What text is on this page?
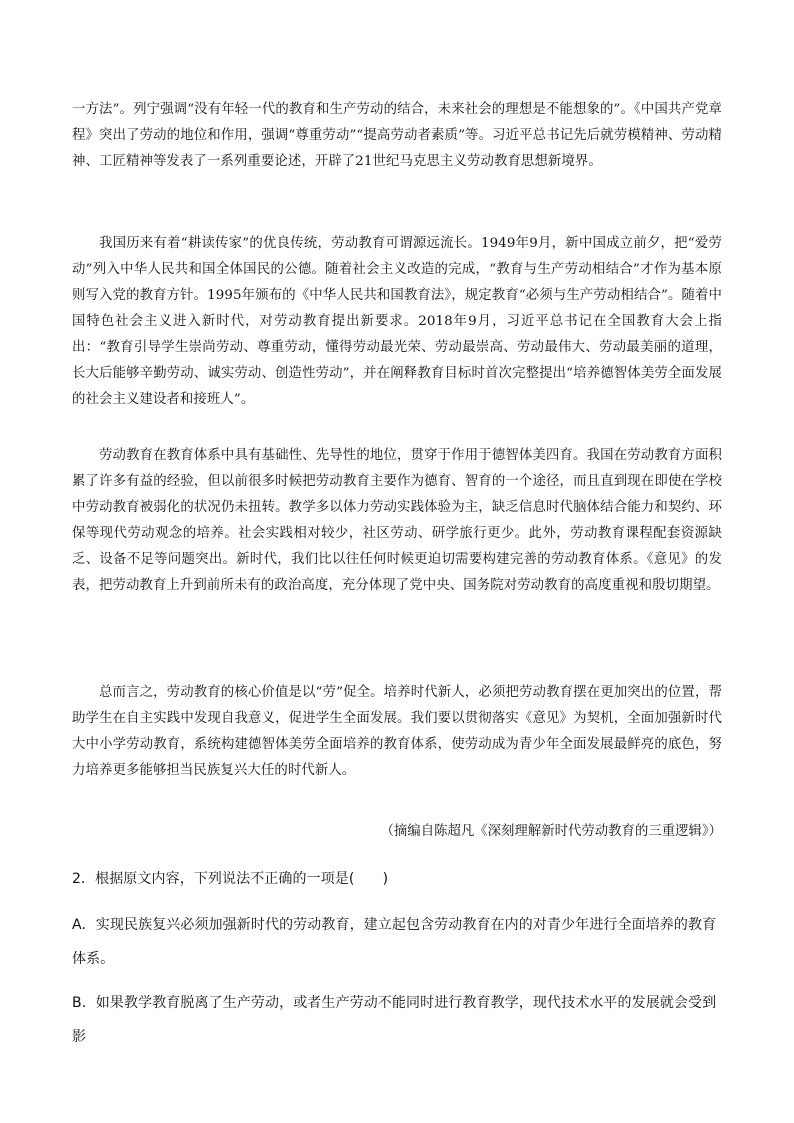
一方法”。列宁强调“没有年轻一代的教育和生产劳动的结合，未来社会的理想是不能想象的”。《中国共产党章程》突出了劳动的地位和作用，强调“尊重劳动”“提高劳动者素质”等。习近平总书记先后就劳模精神、劳动精神、工匠精神等发表了一系列重要论述，开辟了21世纪马克思主义劳动教育思想新境界。

我国历来有着“耕读传家”的优良传统，劳动教育可谓源远流长。1949年9月，新中国成立前夕，把“爱劳动”列入中华人民共和国全体国民的公德。随着社会主义改造的完成，“教育与生产劳动相结合”才作为基本原则写入党的教育方针。1995年颁布的《中华人民共和国教育法》，规定教育“必须与生产劳动相结合”。随着中国特色社会主义进入新时代，对劳动教育提出新要求。2018年9月，习近平总书记在全国教育大会上指出：“教育引导学生崇尚劳动、尊重劳动，懂得劳动最光荣、劳动最崇高、劳动最伟大、劳动最美丽的道理，长大后能够辛勤劳动、诚实劳动、创造性劳动”，并在阐释教育目标时首次完整提出“培养德智体美劳全面发展的社会主义建设者和接班人”。

劳动教育在教育体系中具有基础性、先导性的地位，贯穿于作用于德智体美四育。我国在劳动教育方面积累了许多有益的经验，但以前很多时候把劳动教育主要作为德育、智育的一个途径，而且直到现在即使在学校中劳动教育被弱化的状况仍未扭转。教学多以体力劳动实践体验为主，缺乏信息时代脑体结合能力和契约、环保等现代劳动观念的培养。社会实践相对较少，社区劳动、研学旅行更少。此外，劳动教育课程配套资源缺乏、设备不足等问题突出。新时代，我们比以往任何时候更迫切需要构建完善的劳动教育体系。《意见》的发表，把劳动教育上升到前所未有的政治高度，充分体现了党中央、国务院对劳动教育的高度重视和殷切期望。

总而言之，劳动教育的核心价值是以“劳”促全。培养时代新人，必须把劳动教育摆在更加突出的位置，帮助学生在自主实践中发现自我意义，促进学生全面发展。我们要以贯彻落实《意见》为契机，全面加强新时代大中小学劳动教育，系统构建德智体美劳全面培养的教育体系，使劳动成为青少年全面发展最鲜亮的底色，努力培养更多能够担当民族复兴大任的时代新人。

（摘编自陈超凡《深刻理解新时代劳动教育的三重逻辑》）

2．根据原文内容，下列说法不正确的一项是(　　)

A．实现民族复兴必须加强新时代的劳动教育，建立起包含劳动教育在内的对青少年进行全面培养的教育体系。

B．如果教学教育脱离了生产劳动，或者生产劳动不能同时进行教育教学，现代技术水平的发展就会受到影
